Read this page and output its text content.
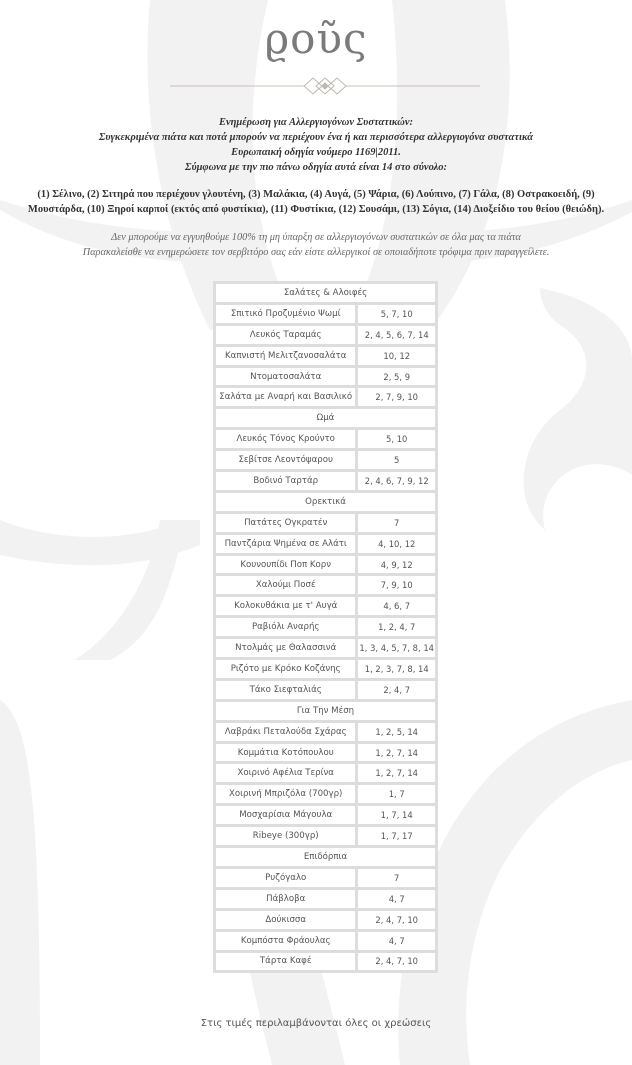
ϱοῦς
Ενημέρωση για Αλλεργιογόνων Συστατικών:
Συγκεκριμένα πιάτα και ποτά μπορούν να περιέχουν ένα ή και περισσότερα αλλεργιογόνα συστατικά
Ευρωπαική οδηγία νούμερο 1169|2011.
Σύμφωνα με την πιο πάνω οδηγία αυτά είναι 14 στο σύνολο:
(1) Σέλινο, (2) Σιτηρά που περιέχουν γλουτένη, (3) Μαλάκια, (4) Αυγά, (5) Ψάρια, (6) Λούπινο, (7) Γάλα, (8) Οστρακοειδή, (9)
Μουστάρδα, (10) Ξηροί καρποί (εκτός από φυστίκια), (11) Φυστίκια, (12) Σουσάμι, (13) Σόγια, (14) Διοξείδιο του θείου (θειώδη).
Δεν μπορούμε να εγγυηθούμε 100% τη μη ύπαρξη σε αλλεργιογόνων συστατικών σε όλα μας τα πιάτα
Παρακαλείσθε να ενημερώσετε τον σερβιτόρο σας εάν είστε αλλεργικοί σε οποιαδήποτε τρόφιμα πριν παραγγείλετε.
Σαλάτες & Αλοιφές	
Σπιτικό Προζυμένιο Ψωμί	5, 7, 10
Λευκός Ταραμάς	2, 4, 5, 6, 7, 14
Καπνιστή Μελιτζανοσαλάτα	10, 12
Ντοματοσαλάτα	2, 5, 9
Σαλάτα με Αναρή και Βασιλικό	2, 7, 9, 10
Ωμά	
Λευκός Τόνος Κρούντο	5, 10
Σεβίτσε Λεοντόψαρου	5
Βοδινό Ταρτάρ	2, 4, 6, 7, 9, 12
Ορεκτικά	
Πατάτες Ογκρατέν	7
Παντζάρια Ψημένα σε Αλάτι	4, 10, 12
Κουνουπίδι Ποπ Κορν	4, 9, 12
Χαλούμι Ποσέ	7, 9, 10
Κολοκυθάκια με τ' Αυγά	4, 6, 7
Ραβιόλι Αναρής	1, 2, 4, 7
Ντολμάς με Θαλασσινά	1, 3, 4, 5, 7, 8, 14
Ριζότο με Κρόκο Κοζάνης	1, 2, 3, 7, 8, 14
Τάκο Σιεφταλιάς	2, 4, 7
Για Την Μέση	
Λαβράκι Πεταλούδα Σχάρας	1, 2, 5, 14
Κομμάτια Κοτόπουλου	1, 2, 7, 14
Χοιρινό Αφέλια Τερίνα	1, 2, 7, 14
Χοιρινή Μπριζόλα (700γρ)	1, 7
Μοσχαρίσια Μάγουλα	1, 7, 14
Ribeye (300γρ)	1, 7, 17
Επιδόρπια	
Ρυζόγαλο	7
Πάβλοβα	4, 7
Δούκισσα	2, 4, 7, 10
Κομπόστα Φράουλας	4, 7
Τάρτα Καφέ	2, 4, 7, 10
Στις τιμές περιλαμβάνονται όλες οι χρεώσεις
